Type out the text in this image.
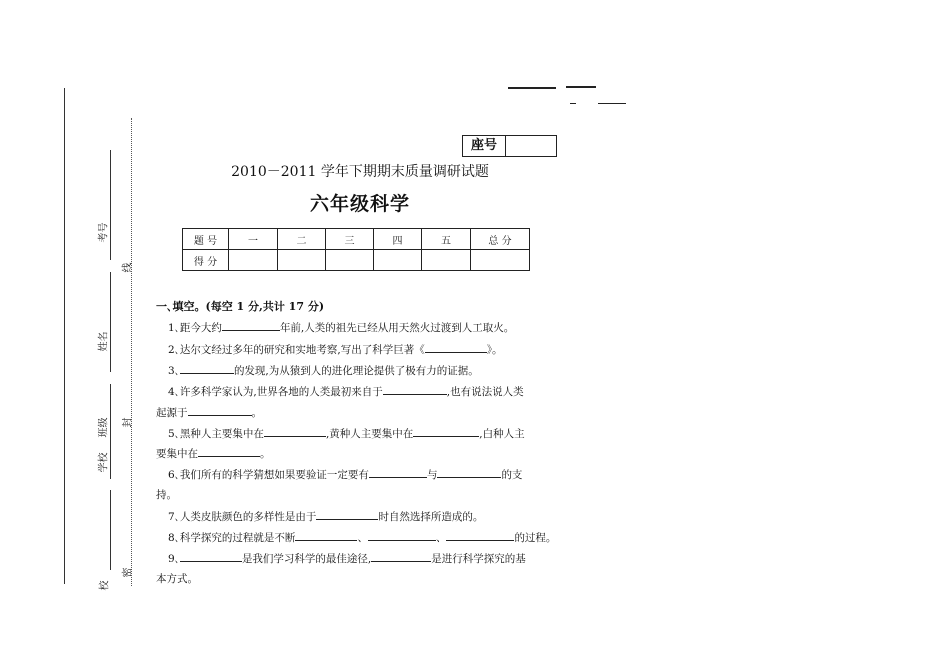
考号
姓名
班级
学校
校
线
封
密
座号
2010－2011 学年下期期末质量调研试题
六年级科学
题 号	一	二	三	四	五	总 分
得 分						
一､填空。(每空 1 分,共计 17 分)
1､距今大约	年前,人类的祖先已经从用天然火过渡到人工取火。
2､达尔文经过多年的研究和实地考察,写出了科学巨著《	》。
3､	的发现,为从猿到人的进化理论提供了极有力的证据。
4､许多科学家认为,世界各地的人类最初来自于	,也有说法说人类
起源于	。
5､黑种人主要集中在	,黄种人主要集中在	,白种人主
要集中在	。
6､我们所有的科学猜想如果要验证一定要有	与	的支
持。
7､人类皮肤颜色的多样性是由于	时自然选择所造成的。
8､科学探究的过程就是不断	、	、	的过程。
9､	是我们学习科学的最佳途径,	是进行科学探究的基
本方式。
